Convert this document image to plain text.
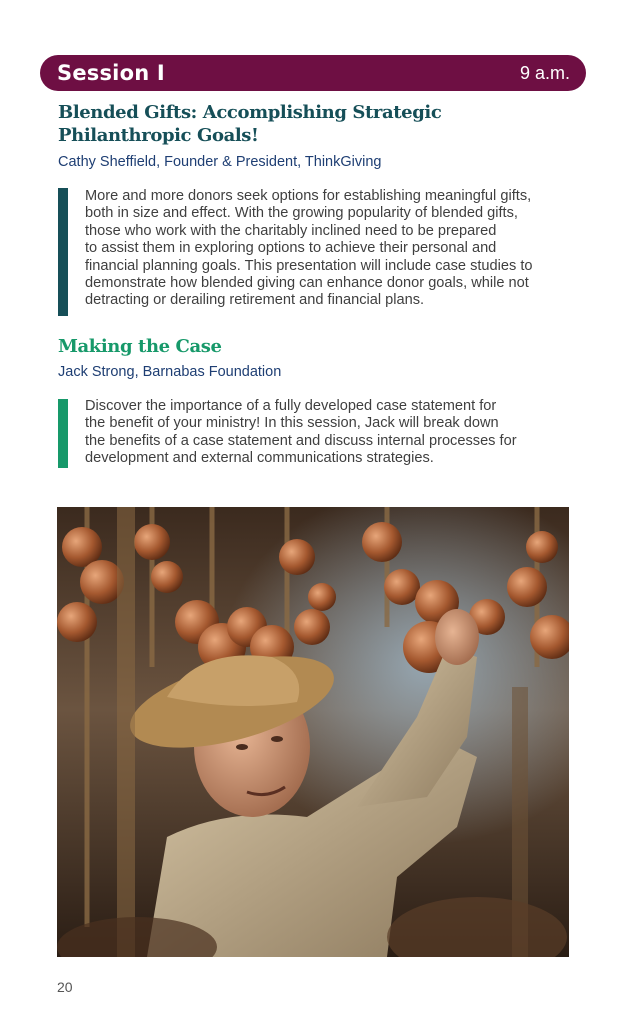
Session I	9 a.m.
Blended Gifts: Accomplishing Strategic
Philanthropic Goals!

Cathy Sheffield, Founder & President, ThinkGiving

More and more donors seek options for establishing meaningful gifts,
both in size and effect. With the growing popularity of blended gifts,
those who work with the charitably inclined need to be prepared
to assist them in exploring options to achieve their personal and
financial planning goals. This presentation will include case studies to
demonstrate how blended giving can enhance donor goals, while not
detracting or derailing retirement and financial plans.

Making the Case

Jack Strong, Barnabas Foundation

Discover the importance of a fully developed case statement for
the benefit of your ministry! In this session, Jack will break down
the benefits of a case statement and discuss internal processes for
development and external communications strategies.

20
